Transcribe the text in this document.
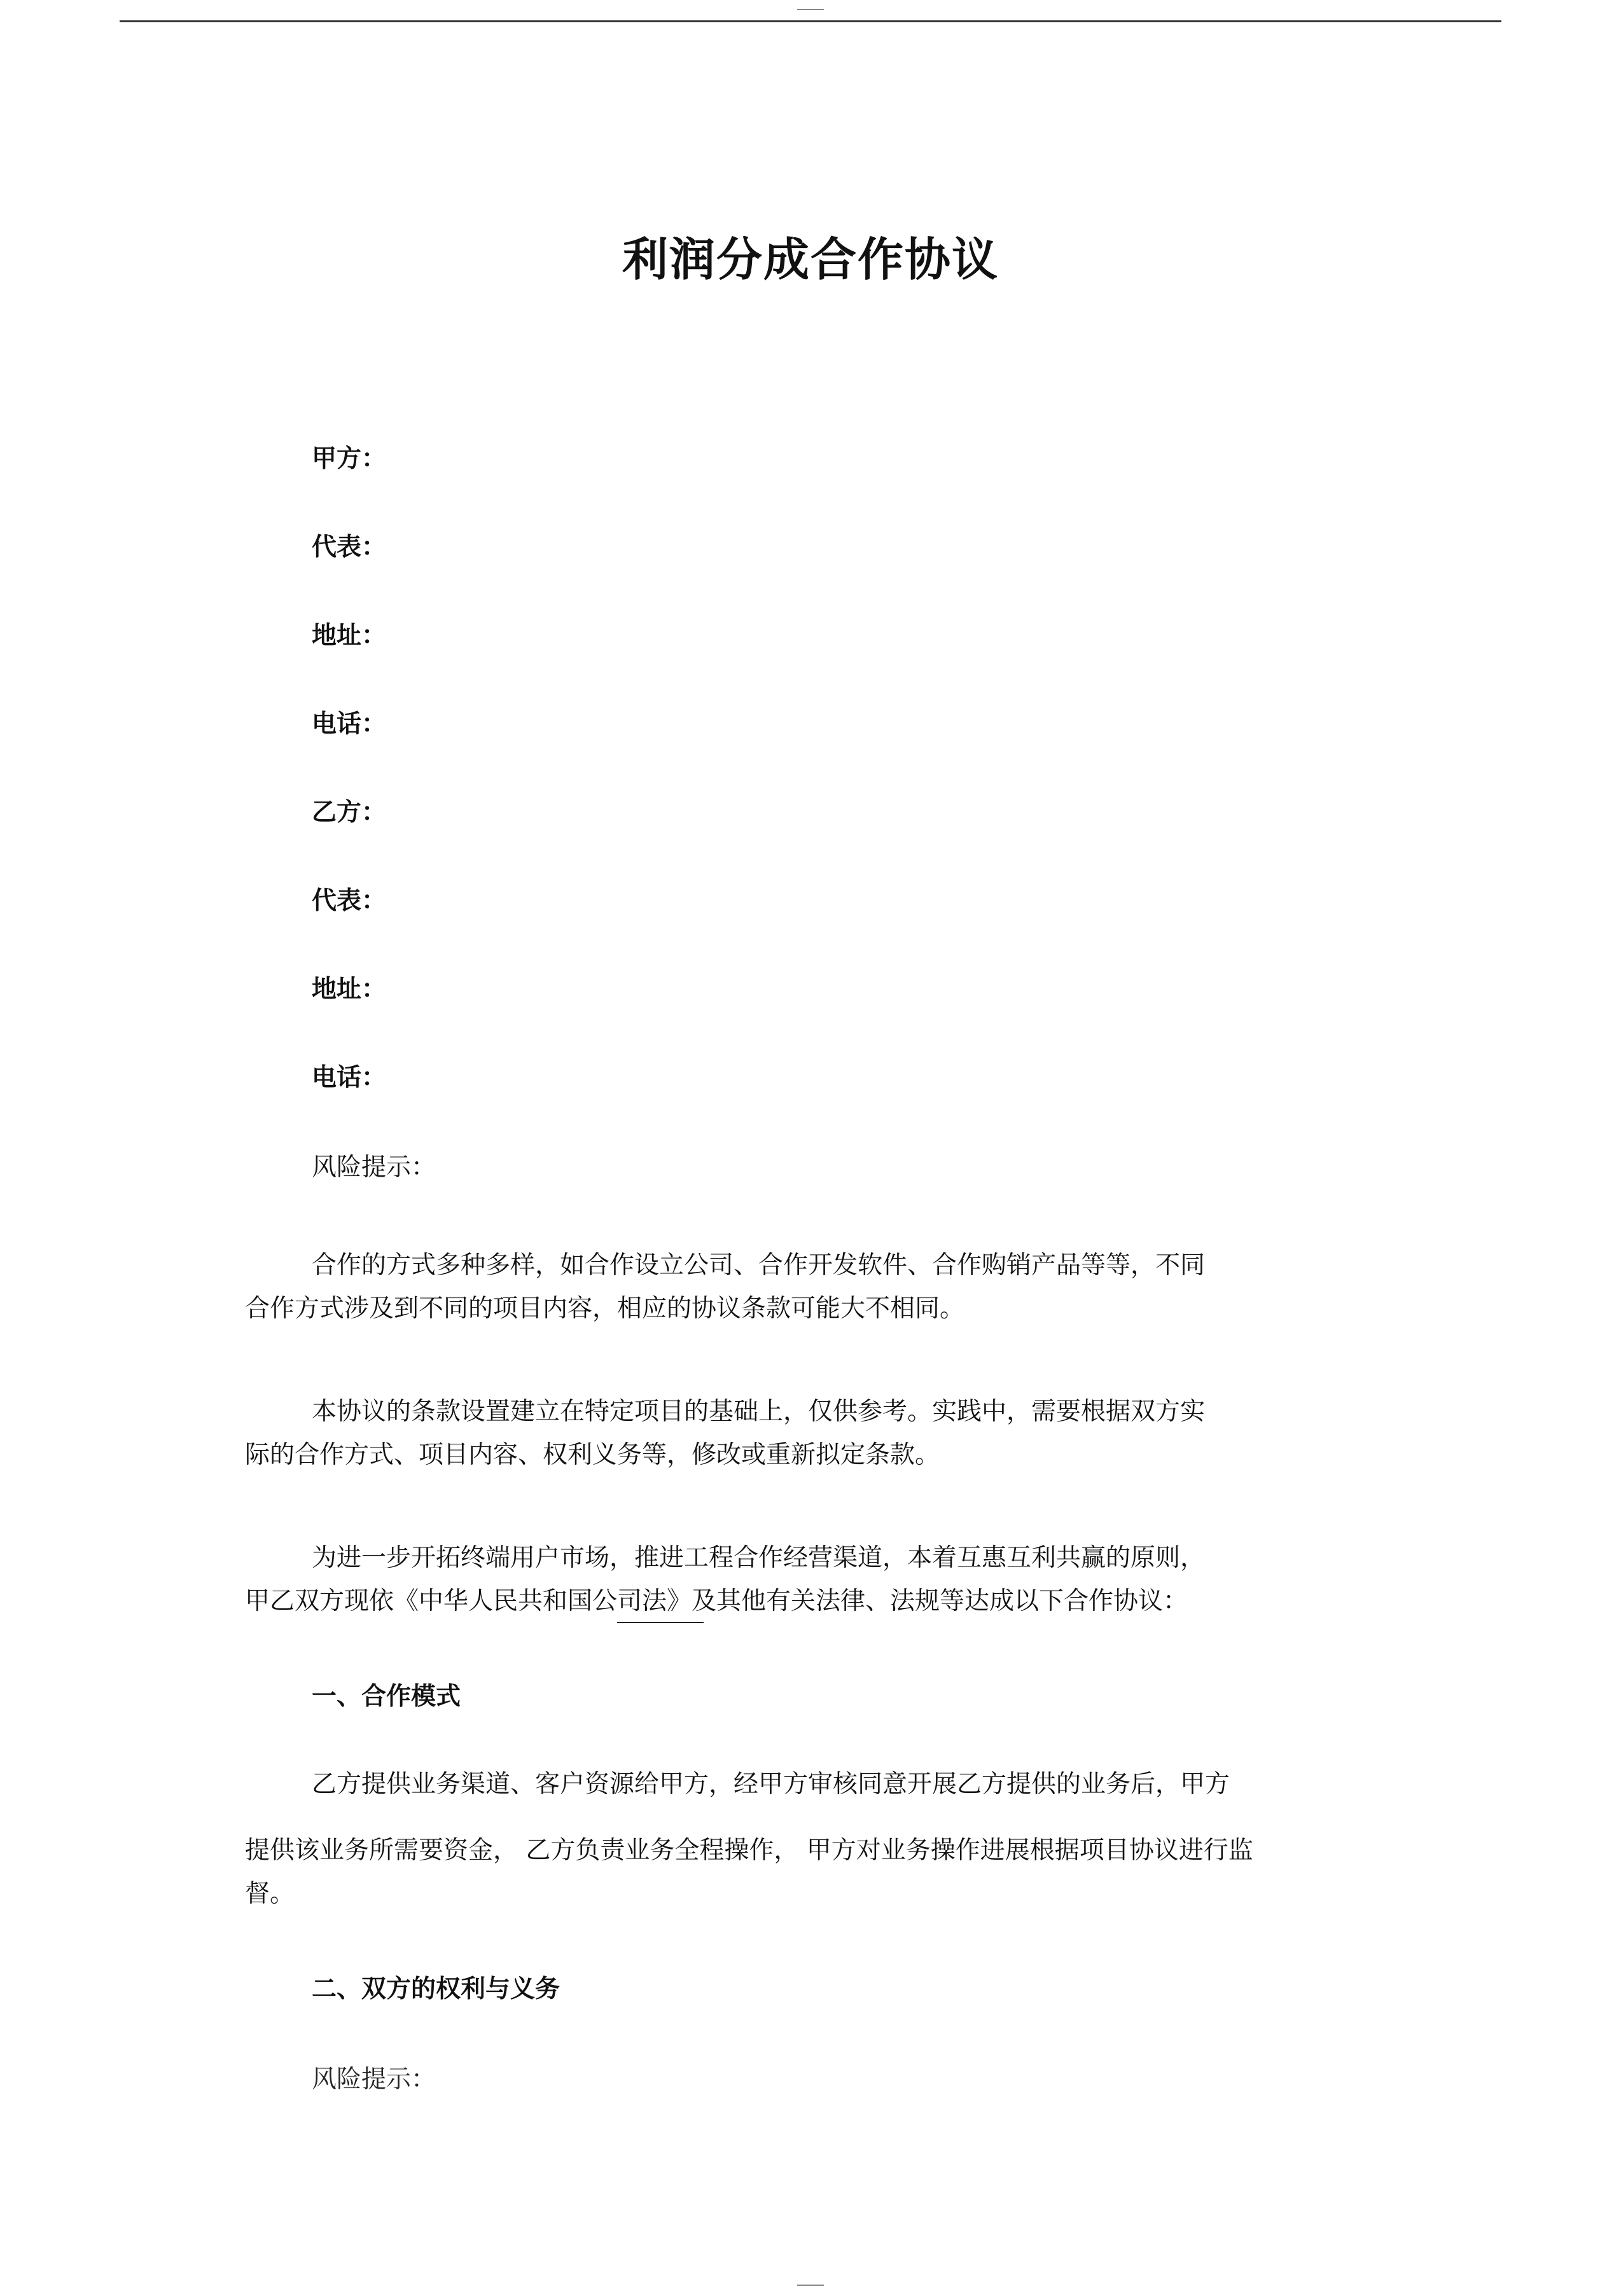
利润分成合作协议
甲方：
代表：
地址：
电话：
乙方：
代表：
地址：
电话：
风险提示：
合作的方式多种多样，如合作设立公司、合作开发软件、合作购销产品等等，不同
合作方式涉及到不同的项目内容，相应的协议条款可能大不相同。
本协议的条款设置建立在特定项目的基础上，仅供参考。实践中，需要根据双方实
际的合作方式、项目内容、权利义务等，修改或重新拟定条款。
为进一步开拓终端用户市场，推进工程合作经营渠道，本着互惠互利共赢的原则，
甲乙双方现依《中华人民共和国公司法》及其他有关法律、法规等达成以下合作协议：
一、合作模式
乙方提供业务渠道、客户资源给甲方，经甲方审核同意开展乙方提供的业务后，甲方
提供该业务所需要资金， 乙方负责业务全程操作， 甲方对业务操作进展根据项目协议进行监
督。
二、双方的权利与义务
风险提示：
